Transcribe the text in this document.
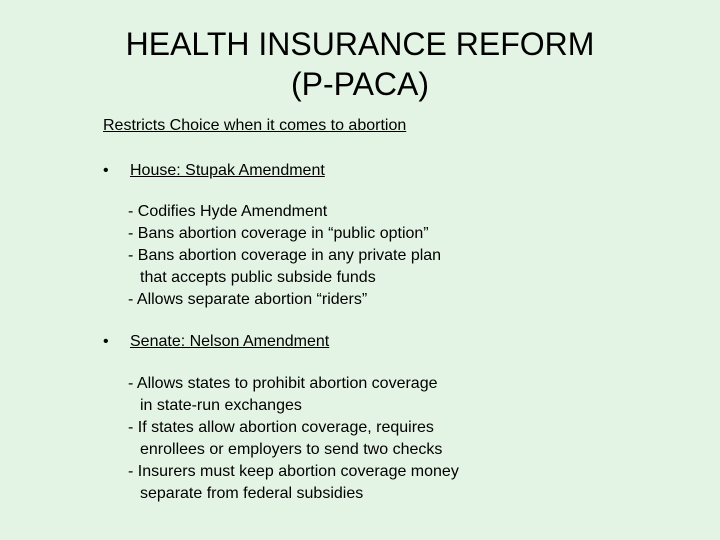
HEALTH INSURANCE REFORM
(P-PACA)
Restricts Choice when it comes to abortion
• House: Stupak Amendment
- Codifies Hyde Amendment
- Bans abortion coverage in “public option”
- Bans abortion coverage in any private plan
that accepts public subside funds
- Allows separate abortion “riders”
• Senate: Nelson Amendment
- Allows states to prohibit abortion coverage
in state-run exchanges
- If states allow abortion coverage, requires
enrollees or employers to send two checks
- Insurers must keep abortion coverage money
separate from federal subsidies
